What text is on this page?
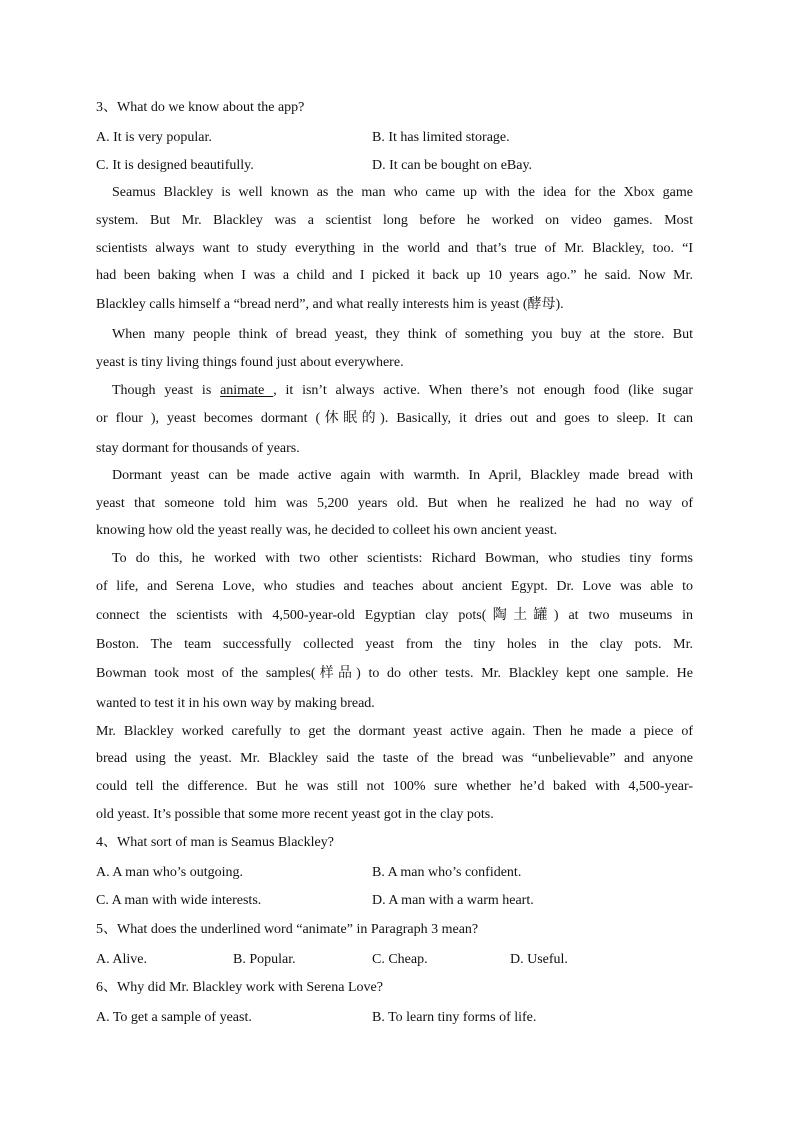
3、What do we know about the app?
A. It is very popular.	B. It has limited storage.
C. It is designed beautifully.	D. It can be bought on eBay.
Seamus Blackley is well known as the man who came up with the idea for the Xbox game
system. But Mr. Blackley was a scientist long before he worked on video games. Most
scientists always want to study everything in the world and that’s true of Mr. Blackley, too. “I
had been baking when I was a child and I picked it back up 10 years ago.” he said. Now Mr.
Blackley calls himself a “bread nerd”, and what really interests him is yeast (酵母).
When many people think of bread yeast, they think of something you buy at the store. But
yeast is tiny living things found just about everywhere.
Though yeast is animate , it isn’t always active. When there’s not enough food (like sugar
or flour ), yeast becomes dormant (休眠的). Basically, it dries out and goes to sleep. It can
stay dormant for thousands of years.
Dormant yeast can be made active again with warmth. In April, Blackley made bread with
yeast that someone told him was 5,200 years old. But when he realized he had no way of
knowing how old the yeast really was, he decided to colleet his own ancient yeast.
To do this, he worked with two other scientists: Richard Bowman, who studies tiny forms
of life, and Serena Love, who studies and teaches about ancient Egypt. Dr. Love was able to
connect the scientists with 4,500-year-old Egyptian clay pots(陶土罐) at two museums in
Boston. The team successfully collected yeast from the tiny holes in the clay pots. Mr.
Bowman took most of the samples(样品) to do other tests. Mr. Blackley kept one sample. He
wanted to test it in his own way by making bread.
Mr. Blackley worked carefully to get the dormant yeast active again. Then he made a piece of
bread using the yeast. Mr. Blackley said the taste of the bread was “unbelievable” and anyone
could tell the difference. But he was still not 100% sure whether he’d baked with 4,500-year-
old yeast. It’s possible that some more recent yeast got in the clay pots.
4、What sort of man is Seamus Blackley?
A. A man who’s outgoing.	B. A man who’s confident.
C. A man with wide interests.	D. A man with a warm heart.
5、What does the underlined word “animate” in Paragraph 3 mean?
A. Alive.	B. Popular.	C. Cheap.	D. Useful.
6、Why did Mr. Blackley work with Serena Love?
A. To get a sample of yeast.	B. To learn tiny forms of life.
